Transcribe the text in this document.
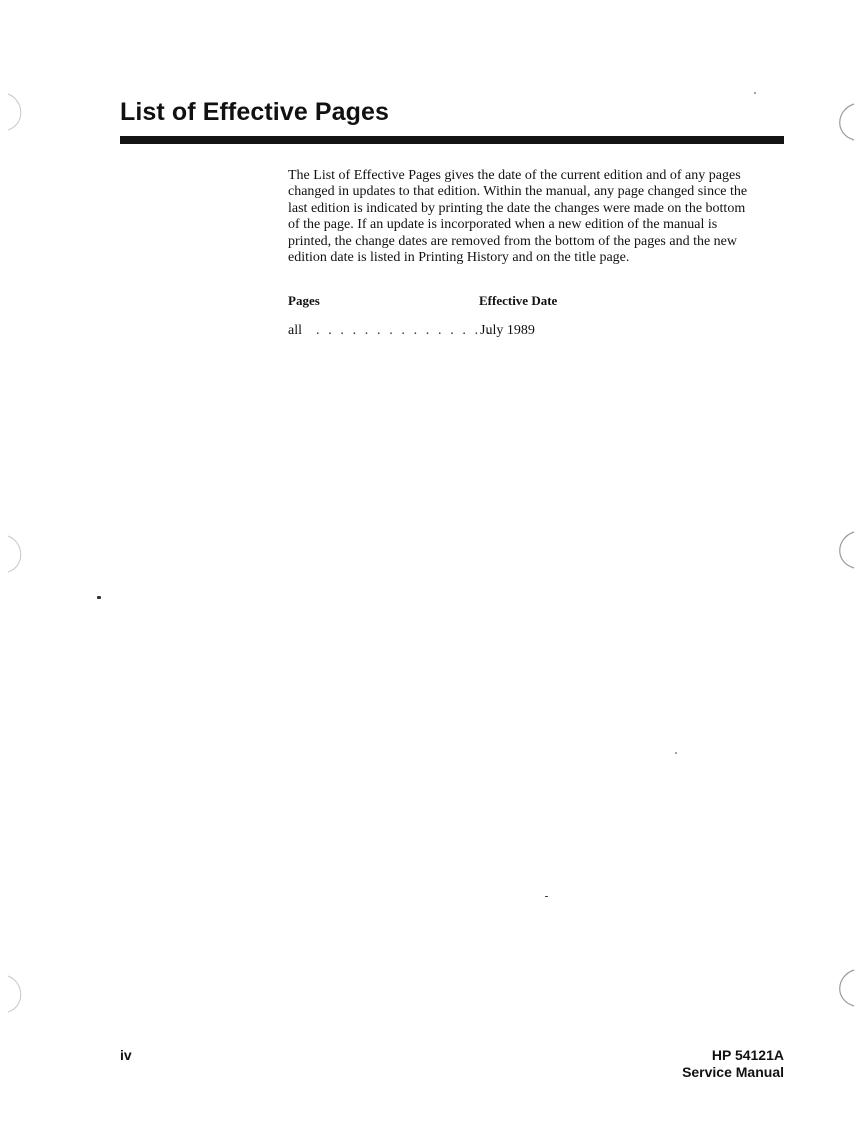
List of Effective Pages

The List of Effective Pages gives the date of the current edition and of any pages
changed in updates to that edition. Within the manual, any page changed since the
last edition is indicated by printing the date the changes were made on the bottom
of the page. If an update is incorporated when a new edition of the manual is
printed, the change dates are removed from the bottom of the pages and the new
edition date is listed in Printing History and on the title page.

Pages	Effective Date
all . . . . . . . . . . . . . . .
July 1989
iv	HP 54121A
Service Manual
